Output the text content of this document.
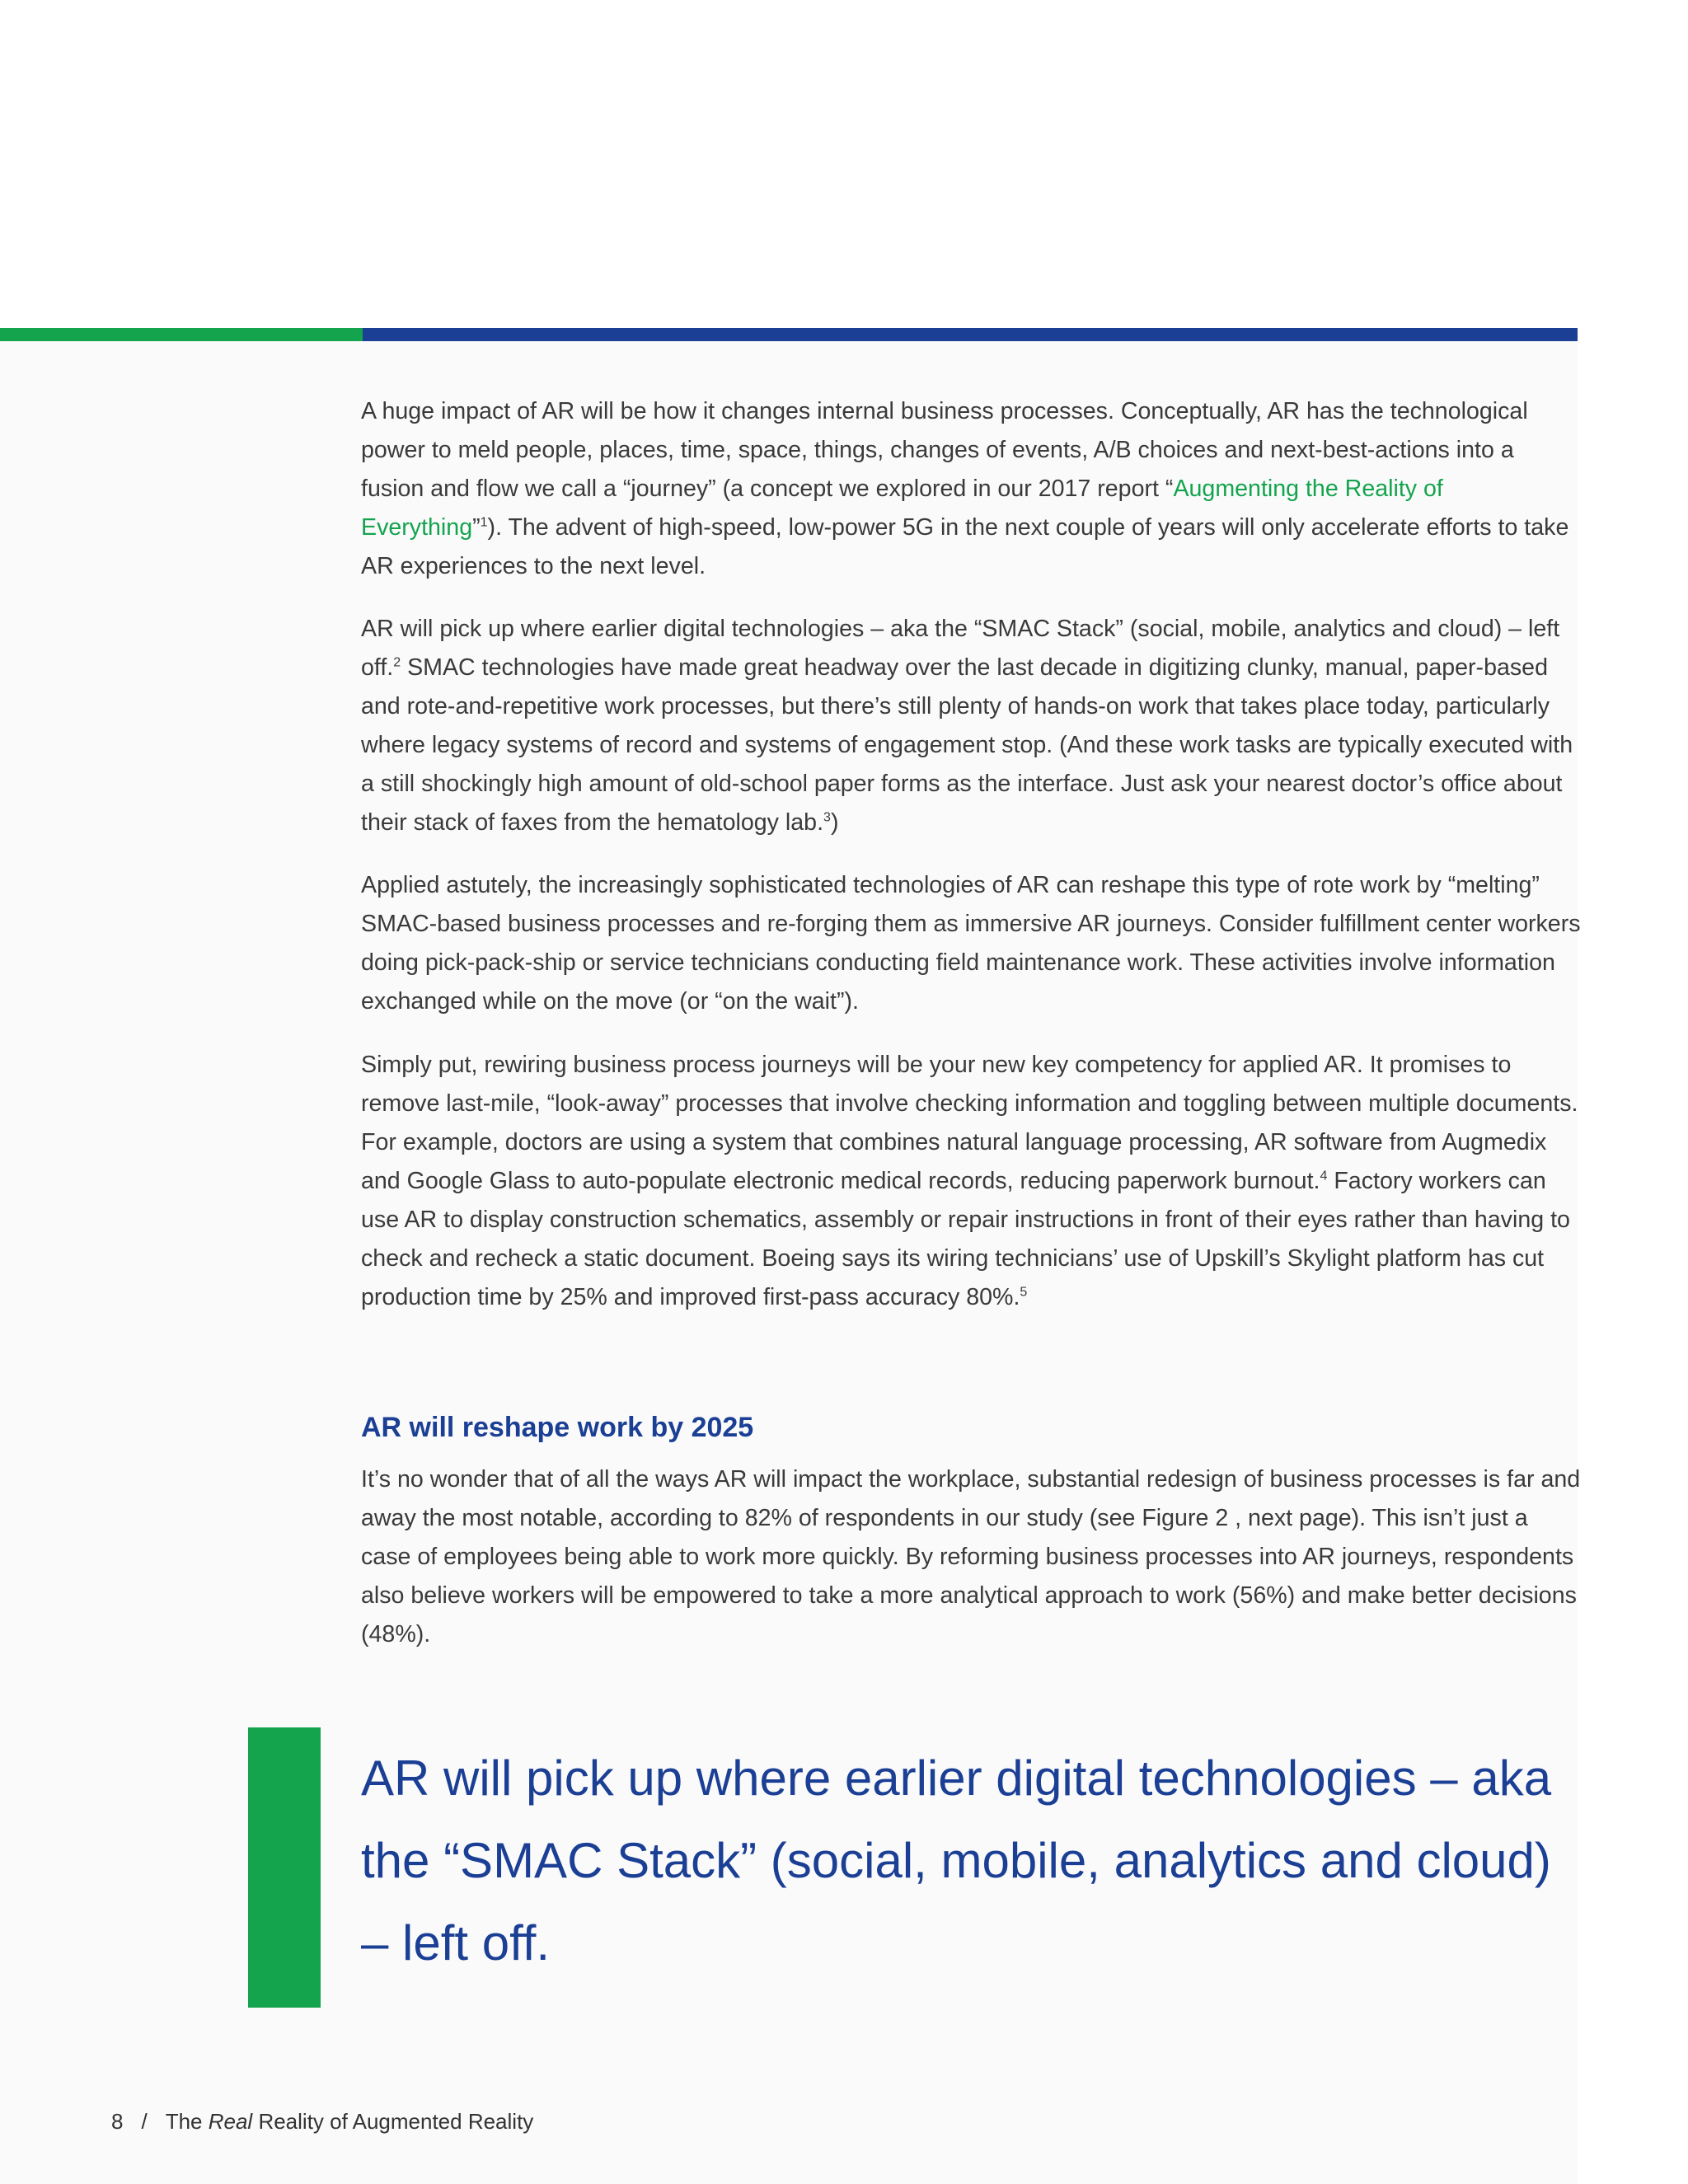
A huge impact of AR will be how it changes internal business processes. Conceptually, AR has the technological power to meld people, places, time, space, things, changes of events, A/B choices and next-best-actions into a fusion and flow we call a “journey” (a concept we explored in our 2017 report “Augmenting the Reality of Everything”$^1$). The advent of high-speed, low-power 5G in the next couple of years will only accelerate efforts to take AR experiences to the next level.

AR will pick up where earlier digital technologies – aka the “SMAC Stack” (social, mobile, analytics and cloud) – left off.$^2$ SMAC technologies have made great headway over the last decade in digitizing clunky, manual, paper-based and rote-and-repetitive work processes, but there’s still plenty of hands-on work that takes place today, particularly where legacy systems of record and systems of engagement stop. (And these work tasks are typically executed with a still shockingly high amount of old-school paper forms as the interface. Just ask your nearest doctor’s office about their stack of faxes from the hematology lab.$^3$)

Applied astutely, the increasingly sophisticated technologies of AR can reshape this type of rote work by “melting” SMAC-based business processes and re-forging them as immersive AR journeys. Consider fulfillment center workers doing pick-pack-ship or service technicians conducting field maintenance work. These activities involve information exchanged while on the move (or “on the wait”).

Simply put, rewiring business process journeys will be your new key competency for applied AR. It promises to remove last-mile, “look-away” processes that involve checking information and toggling between multiple documents. For example, doctors are using a system that combines natural language processing, AR software from Augmedix and Google Glass to auto-populate electronic medical records, reducing paperwork burnout.$^4$ Factory workers can use AR to display construction schematics, assembly or repair instructions in front of their eyes rather than having to check and recheck a static document. Boeing says its wiring technicians’ use of Upskill’s Skylight platform has cut production time by 25% and improved first-pass accuracy 80%.$^5$

AR will reshape work by 2025

It’s no wonder that of all the ways AR will impact the workplace, substantial redesign of business processes is far and away the most notable, according to 82% of respondents in our study (see Figure 2 , next page). This isn’t just a case of employees being able to work more quickly. By reforming business processes into AR journeys, respondents also believe workers will be empowered to take a more analytical approach to work (56%) and make better decisions (48%).

AR will pick up where earlier digital technologies – aka the “SMAC Stack” (social, mobile, analytics and cloud) – left off.

8 / The Real Reality of Augmented Reality
